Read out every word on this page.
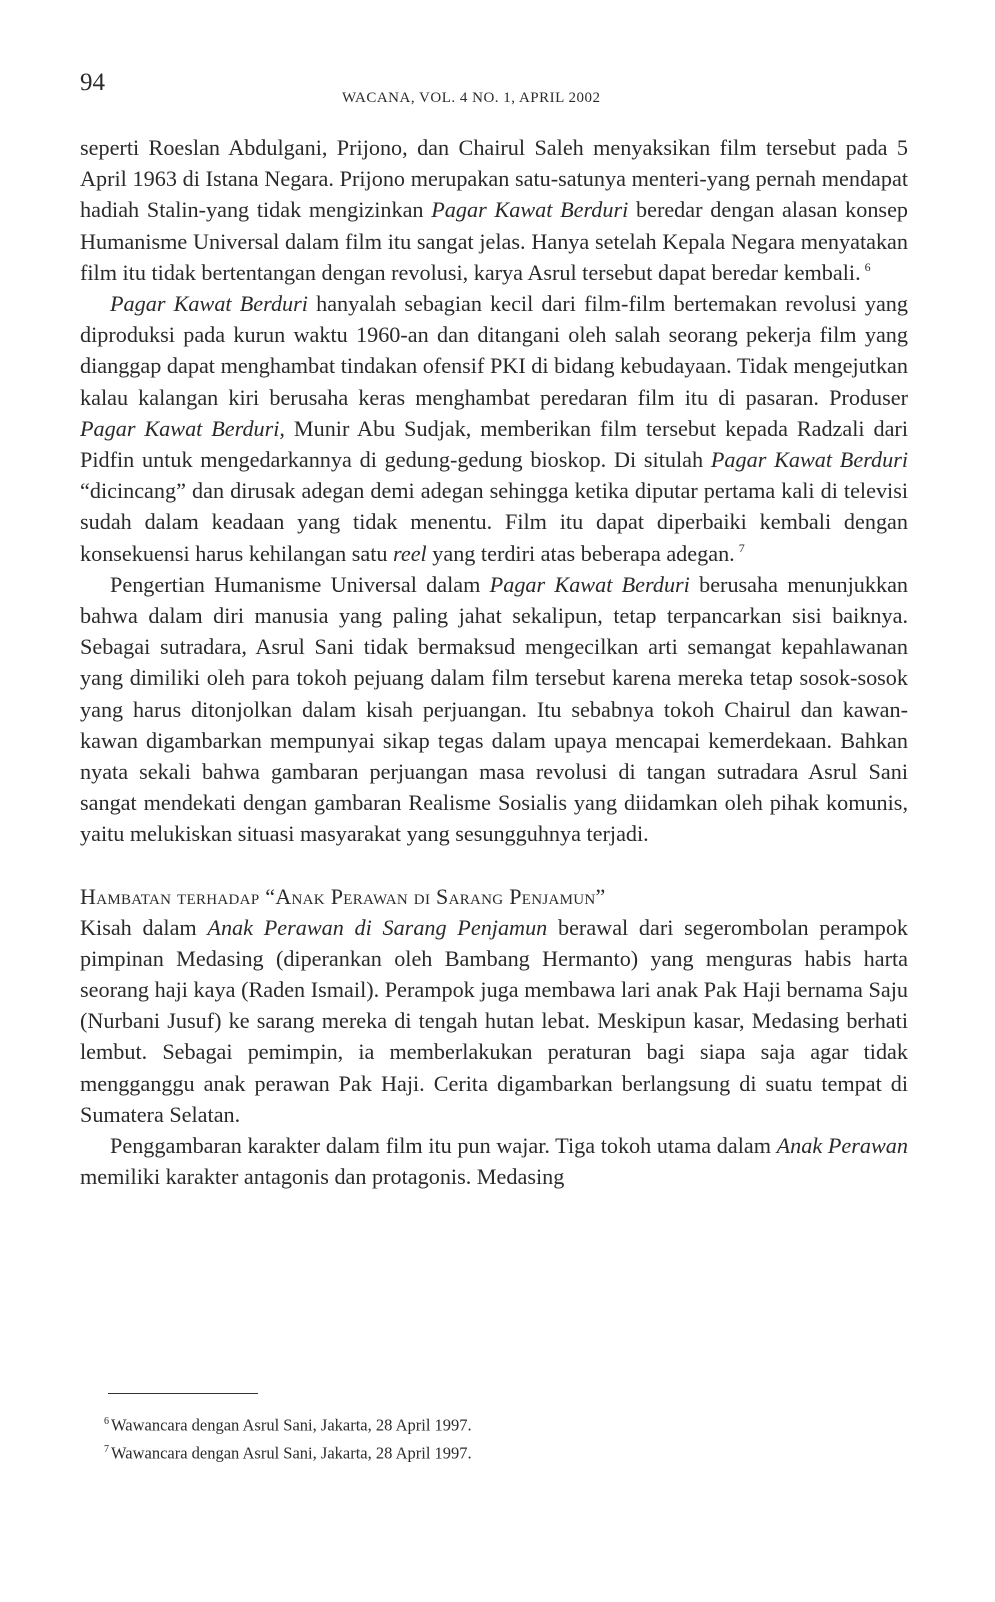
94
WACANA, VOL. 4 NO. 1, APRIL 2002

seperti Roeslan Abdulgani, Prijono, dan Chairul Saleh menyaksikan film tersebut pada 5 April 1963 di Istana Negara. Prijono merupakan satu-satunya menteri-yang pernah mendapat hadiah Stalin-yang tidak mengizinkan Pagar Kawat Berduri beredar dengan alasan konsep Humanisme Universal dalam film itu sangat jelas. Hanya setelah Kepala Negara menyatakan film itu tidak bertentangan dengan revolusi, karya Asrul tersebut dapat beredar kembali. $^6$

Pagar Kawat Berduri hanyalah sebagian kecil dari film-film bertemakan revolusi yang diproduksi pada kurun waktu 1960-an dan ditangani oleh salah seorang pekerja film yang dianggap dapat menghambat tindakan ofensif PKI di bidang kebudayaan. Tidak mengejutkan kalau kalangan kiri berusaha keras menghambat peredaran film itu di pasaran. Produser Pagar Kawat Berduri, Munir Abu Sudjak, memberikan film tersebut kepada Radzali dari Pidfin untuk mengedarkannya di gedung-gedung bioskop. Di situlah Pagar Kawat Berduri “dicincang” dan dirusak adegan demi adegan sehingga ketika diputar pertama kali di televisi sudah dalam keadaan yang tidak menentu. Film itu dapat diperbaiki kembali dengan konsekuensi harus kehilangan satu reel yang terdiri atas beberapa adegan. $^7$

Pengertian Humanisme Universal dalam Pagar Kawat Berduri berusaha menunjukkan bahwa dalam diri manusia yang paling jahat sekalipun, tetap terpancarkan sisi baiknya. Sebagai sutradara, Asrul Sani tidak bermaksud mengecilkan arti semangat kepahlawanan yang dimiliki oleh para tokoh pejuang dalam film tersebut karena mereka tetap sosok-sosok yang harus ditonjolkan dalam kisah perjuangan. Itu sebabnya tokoh Chairul dan kawan-kawan digambarkan mempunyai sikap tegas dalam upaya mencapai kemerdekaan. Bahkan nyata sekali bahwa gambaran perjuangan masa revolusi di tangan sutradara Asrul Sani sangat mendekati dengan gambaran Realisme Sosialis yang diidamkan oleh pihak komunis, yaitu melukiskan situasi masyarakat yang sesungguhnya terjadi.

Hambatan terhadap “Anak Perawan di Sarang Penjamun”

Kisah dalam Anak Perawan di Sarang Penjamun berawal dari segerombolan perampok pimpinan Medasing (diperankan oleh Bambang Hermanto) yang menguras habis harta seorang haji kaya (Raden Ismail). Perampok juga membawa lari anak Pak Haji bernama Saju (Nurbani Jusuf) ke sarang mereka di tengah hutan lebat. Meskipun kasar, Medasing berhati lembut. Sebagai pemimpin, ia memberlakukan peraturan bagi siapa saja agar tidak mengganggu anak perawan Pak Haji. Cerita digambarkan berlangsung di suatu tempat di Sumatera Selatan.

Penggambaran karakter dalam film itu pun wajar. Tiga tokoh utama dalam Anak Perawan memiliki karakter antagonis dan protagonis. Medasing

$^6$ Wawancara dengan Asrul Sani, Jakarta, 28 April 1997.

$^7$ Wawancara dengan Asrul Sani, Jakarta, 28 April 1997.
